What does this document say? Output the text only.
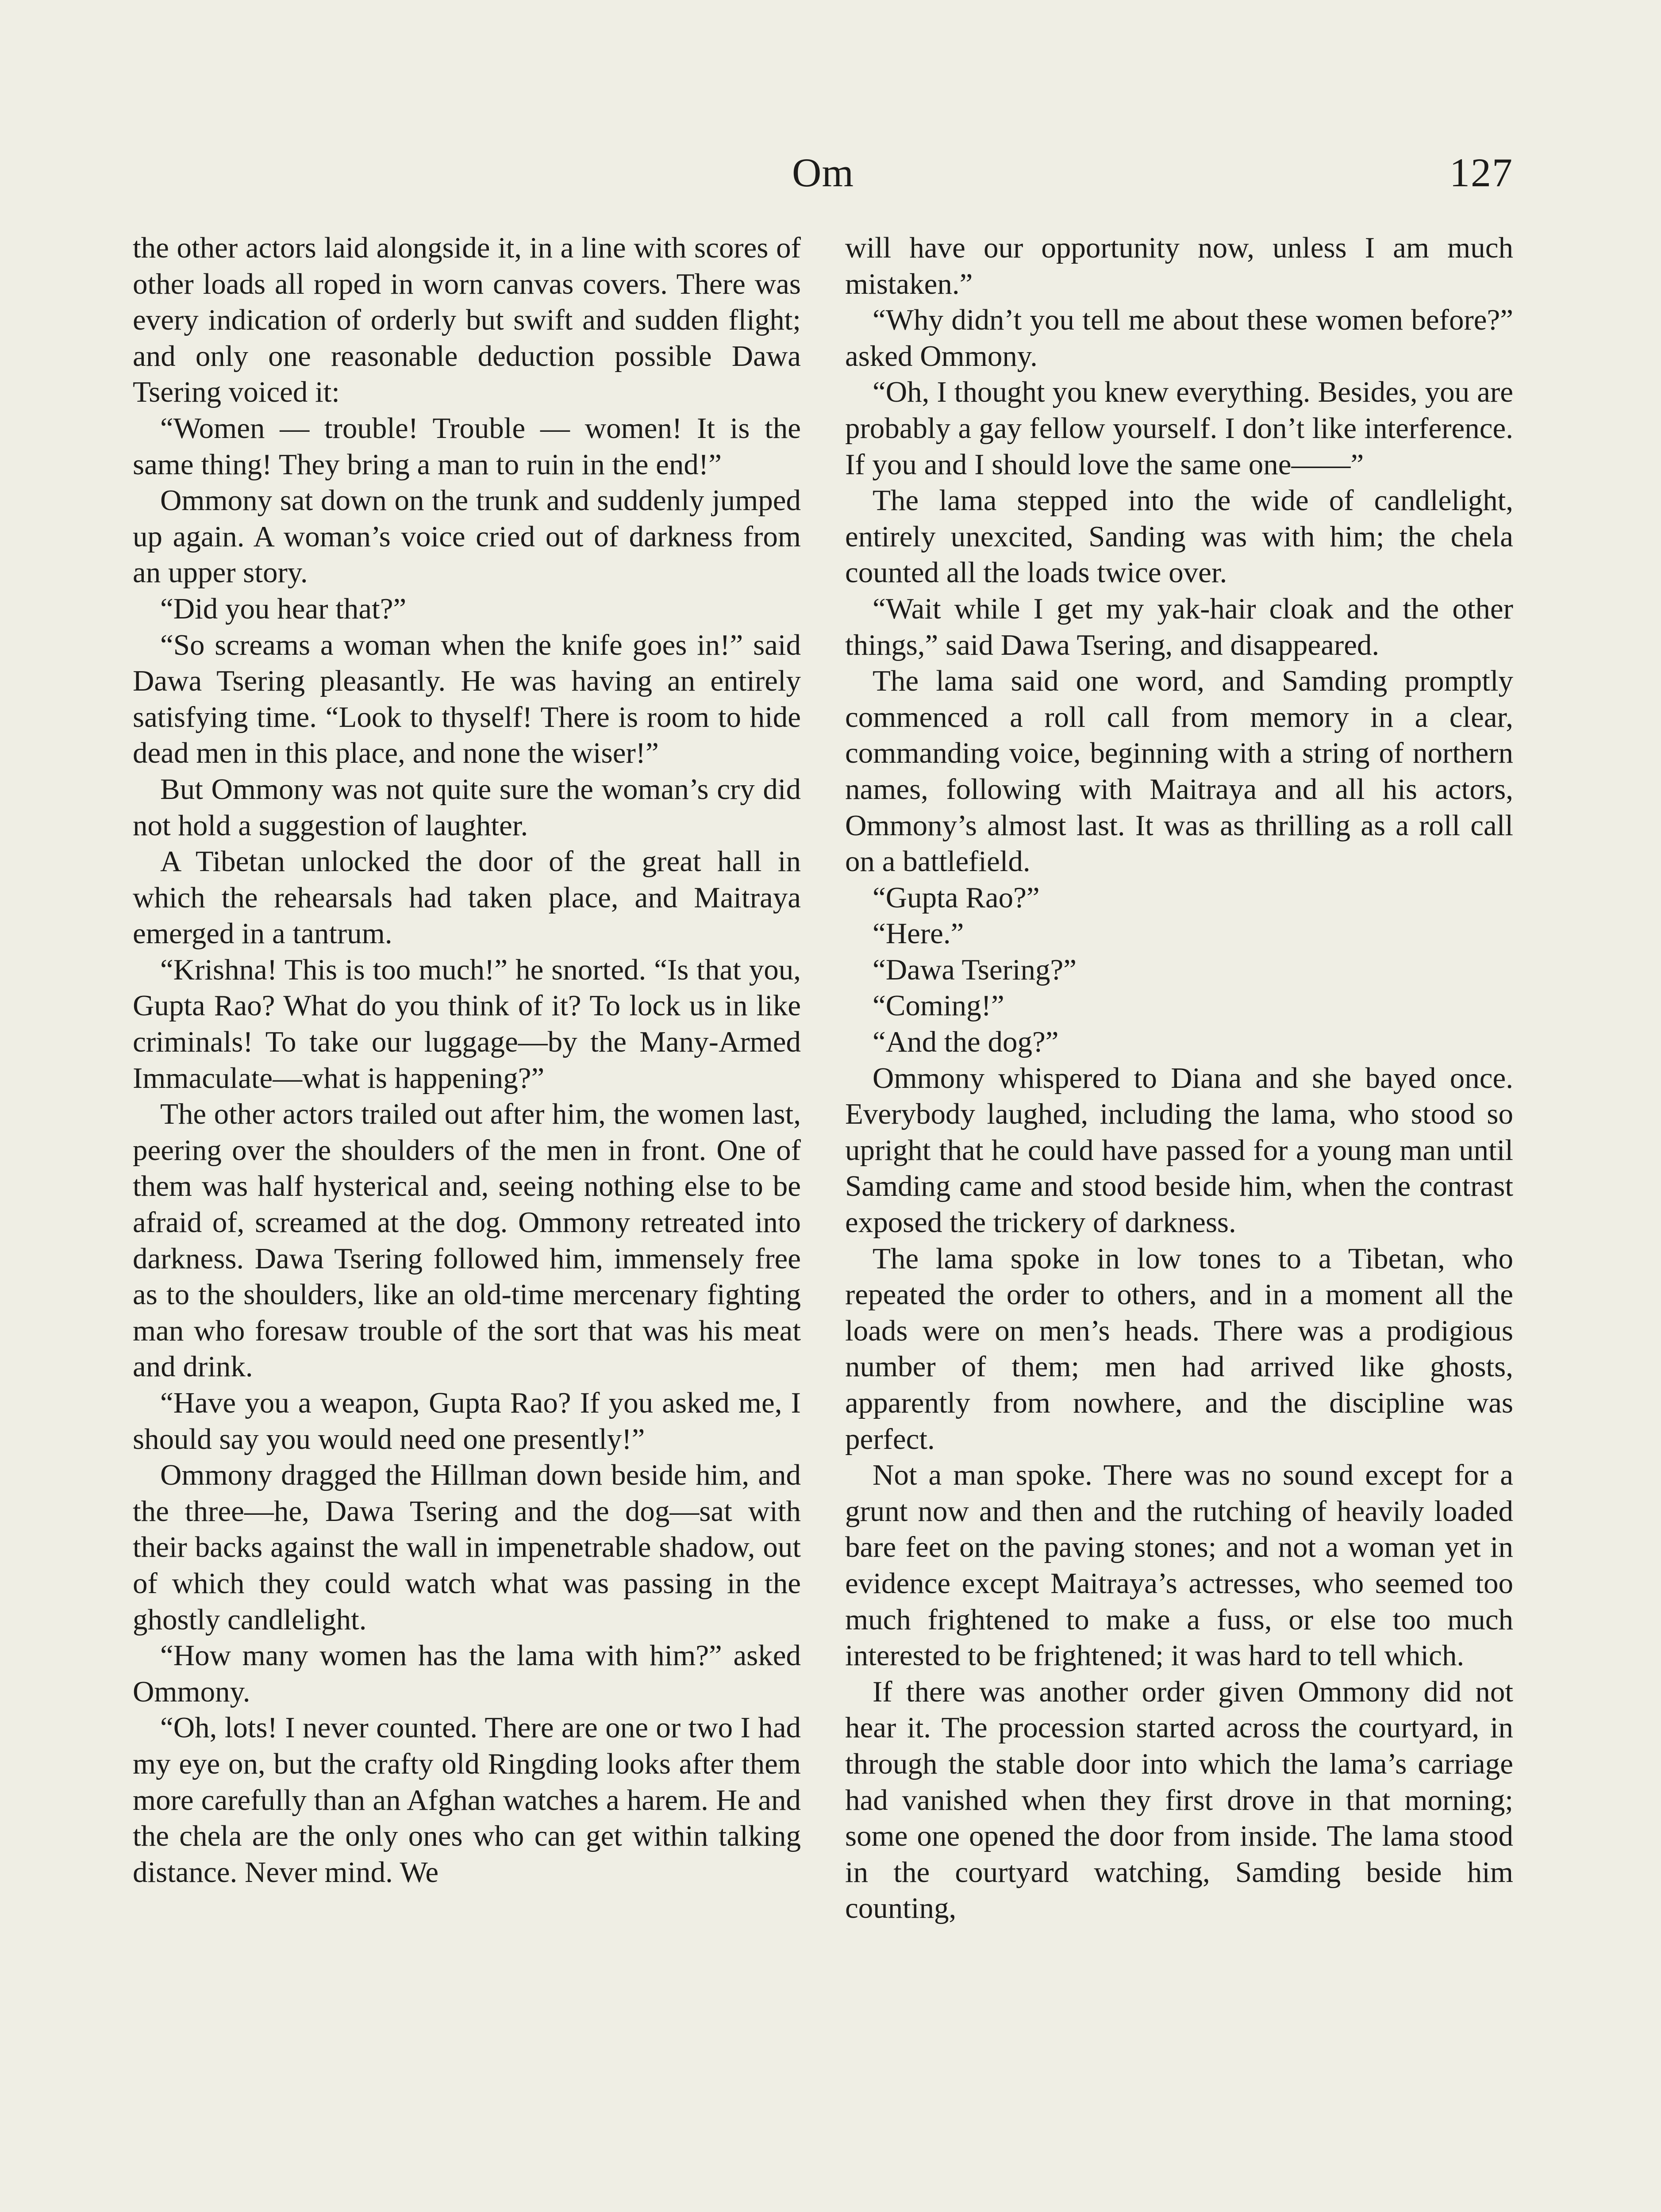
Om	127

the other actors laid alongside it, in a line with scores of other loads all roped in worn canvas covers. There was every indication of orderly but swift and sudden flight; and only one reasonable deduction possible Dawa Tsering voiced it:

“Women — trouble! Trouble — women! It is the same thing! They bring a man to ruin in the end!”

Ommony sat down on the trunk and suddenly jumped up again. A woman’s voice cried out of darkness from an upper story.

“Did you hear that?”

“So screams a woman when the knife goes in!” said Dawa Tsering pleasantly. He was having an entirely satisfying time. “Look to thyself! There is room to hide dead men in this place, and none the wiser!”

But Ommony was not quite sure the woman’s cry did not hold a suggestion of laughter.

A Tibetan unlocked the door of the great hall in which the rehearsals had taken place, and Maitraya emerged in a tantrum.

“Krishna! This is too much!” he snorted. “Is that you, Gupta Rao? What do you think of it? To lock us in like criminals! To take our luggage—by the Many-Armed Immaculate—what is happening?”

The other actors trailed out after him, the women last, peering over the shoulders of the men in front. One of them was half hysterical and, seeing nothing else to be afraid of, screamed at the dog. Ommony retreated into darkness. Dawa Tsering followed him, immensely free as to the shoulders, like an old-time mercenary fighting man who foresaw trouble of the sort that was his meat and drink.

“Have you a weapon, Gupta Rao? If you asked me, I should say you would need one presently!”

Ommony dragged the Hillman down beside him, and the three—he, Dawa Tsering and the dog—sat with their backs against the wall in impenetrable shadow, out of which they could watch what was passing in the ghostly candlelight.

“How many women has the lama with him?” asked Ommony.

“Oh, lots! I never counted. There are one or two I had my eye on, but the crafty old Ringding looks after them more carefully than an Afghan watches a harem. He and the chela are the only ones who can get within talking distance. Never mind. We

will have our opportunity now, unless I am much mistaken.”

“Why didn’t you tell me about these women before?” asked Ommony.

“Oh, I thought you knew everything. Besides, you are probably a gay fellow yourself. I don’t like interference. If you and I should love the same one——”

The lama stepped into the wide of candlelight, entirely unexcited, Sanding was with him; the chela counted all the loads twice over.

“Wait while I get my yak-hair cloak and the other things,” said Dawa Tsering, and disappeared.

The lama said one word, and Samding promptly commenced a roll call from memory in a clear, commanding voice, beginning with a string of northern names, following with Maitraya and all his actors, Ommony’s almost last. It was as thrilling as a roll call on a battlefield.

“Gupta Rao?”

“Here.”

“Dawa Tsering?”

“Coming!”

“And the dog?”

Ommony whispered to Diana and she bayed once. Everybody laughed, including the lama, who stood so upright that he could have passed for a young man until Samding came and stood beside him, when the contrast exposed the trickery of darkness.

The lama spoke in low tones to a Tibetan, who repeated the order to others, and in a moment all the loads were on men’s heads. There was a prodigious number of them; men had arrived like ghosts, apparently from nowhere, and the discipline was perfect.

Not a man spoke. There was no sound except for a grunt now and then and the rutching of heavily loaded bare feet on the paving stones; and not a woman yet in evidence except Maitraya’s actresses, who seemed too much frightened to make a fuss, or else too much interested to be frightened; it was hard to tell which.

If there was another order given Ommony did not hear it. The procession started across the courtyard, in through the stable door into which the lama’s carriage had vanished when they first drove in that morning; some one opened the door from inside. The lama stood in the courtyard watching, Samding beside him counting,
